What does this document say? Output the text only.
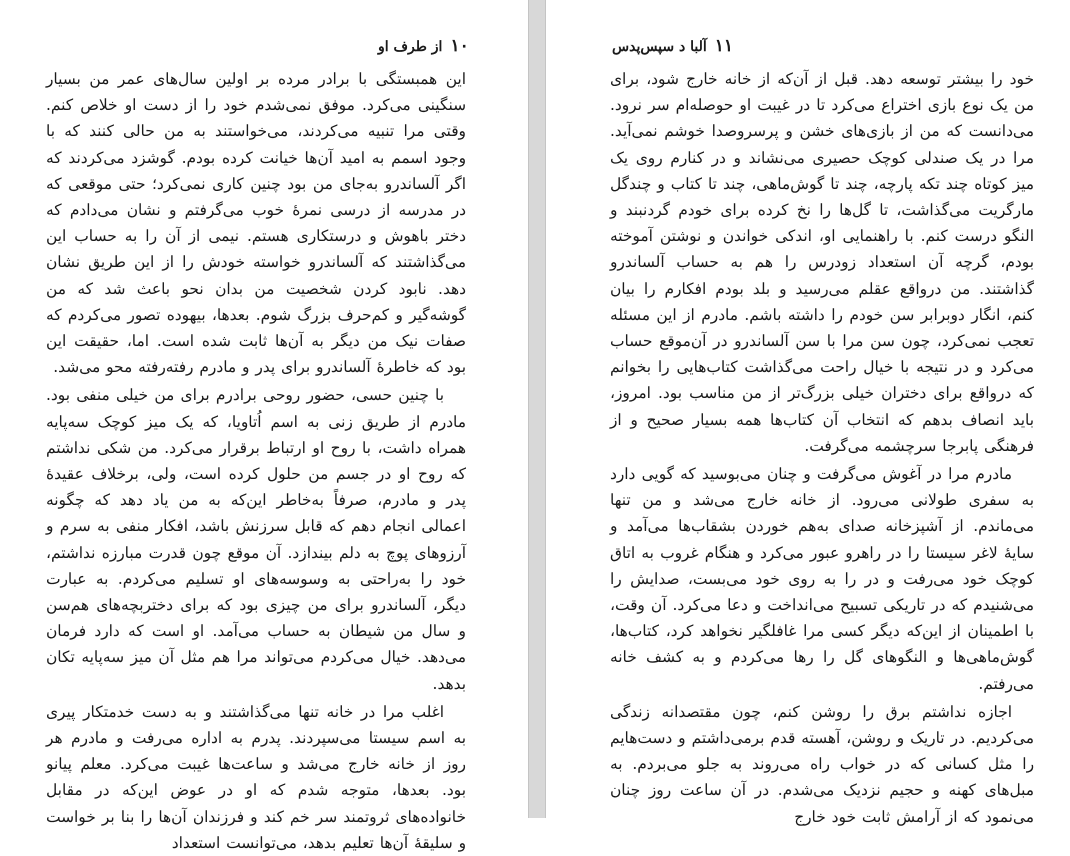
۱۰
از طرف او

این همبستگی با برادر مرده بر اولین سال‌های عمر من بسیار سنگینی می‌کرد. موفق نمی‌شدم خود را از دست او خلاص کنم. وقتی مرا تنبیه می‌کردند، می‌خواستند به من حالی کنند که با وجود اسمم به امید آن‌ها خیانت کرده بودم. گوشزد می‌کردند که اگر آلساندرو به‌جای من بود چنین کاری نمی‌کرد؛ حتی موقعی که در مدرسه از درسی نمرهٔ خوب می‌گرفتم و نشان می‌دادم که دختر باهوش و درستکاری هستم. نیمی از آن را به حساب این می‌گذاشتند که آلساندرو خواسته خودش را از این طریق نشان دهد. نابود کردن شخصیت من بدان نحو باعث شد که من گوشه‌گیر و کم‌حرف بزرگ شوم. بعدها، بیهوده تصور می‌کردم که صفات نیک من دیگر به آن‌ها ثابت شده است. اما، حقیقت این بود که خاطرهٔ آلساندرو برای پدر و مادرم رفته‌رفته محو می‌شد.

با چنین حسی، حضور روحی برادرم برای من خیلی منفی بود. مادرم از طریق زنی به اسم اُتاویا، که یک میز کوچک سه‌پایه همراه داشت، با روح او ارتباط برقرار می‌کرد. من شکی نداشتم که روح او در جسم من حلول کرده است، ولی، برخلاف عقیدهٔ پدر و مادرم، صرفاً به‌خاطر این‌که به من یاد دهد که چگونه اعمالی انجام دهم که قابل سرزنش باشد، افکار منفی به سرم و آرزوهای پوچ به دلم بیندازد. آن موقع چون قدرت مبارزه نداشتم، خود را به‌راحتی به وسوسه‌های او تسلیم می‌کردم. به عبارت دیگر، آلساندرو برای من چیزی بود که برای دختربچه‌های هم‌سن و سال من شیطان به حساب می‌آمد. او است که دارد فرمان می‌دهد. خیال می‌کردم می‌تواند مرا هم مثل آن میز سه‌پایه تکان بدهد.

اغلب مرا در خانه تنها می‌گذاشتند و به دست خدمتکار پیری به اسم سیستا می‌سپردند. پدرم به اداره می‌رفت و مادرم هر روز از خانه خارج می‌شد و ساعت‌ها غیبت می‌کرد. معلم پیانو بود. بعدها، متوجه شدم که او در عوض این‌که در مقابل خانواده‌های ثروتمند سر خم کند و فرزندان آن‌ها را بنا بر خواست و سلیقهٔ آن‌ها تعلیم بدهد، می‌توانست استعداد

۱۱
آلبا د سپس‌پدس

خود را بیشتر توسعه دهد. قبل از آن‌که از خانه خارج شود، برای من یک نوع بازی اختراع می‌کرد تا در غیبت او حوصله‌ام سر نرود. می‌دانست که من از بازی‌های خشن و پرسروصدا خوشم نمی‌آید. مرا در یک صندلی کوچک حصیری می‌نشاند و در کنارم روی یک میز کوتاه چند تکه پارچه، چند تا گوش‌ماهی، چند تا کتاب و چندگل مارگریت می‌گذاشت، تا گل‌ها را نخ کرده برای خودم گردنبند و النگو درست کنم. با راهنمایی او، اندکی خواندن و نوشتن آموخته بودم، گرچه آن استعداد زودرس را هم به حساب آلساندرو گذاشتند. من درواقع عقلم می‌رسید و بلد بودم افکارم را بیان کنم، انگار دوبرابر سن خودم را داشته باشم. مادرم از این مسئله تعجب نمی‌کرد، چون سن مرا با سن آلساندرو در آن‌موقع حساب می‌کرد و در نتیجه با خیال راحت می‌گذاشت کتاب‌هایی را بخوانم که درواقع برای دختران خیلی بزرگ‌تر از من مناسب بود. امروز، باید انصاف بدهم که انتخاب آن کتاب‌ها همه بسیار صحیح و از فرهنگی پابرجا سرچشمه می‌گرفت.

مادرم مرا در آغوش می‌گرفت و چنان می‌بوسید که گویی دارد به سفری طولانی می‌رود. از خانه خارج می‌شد و من تنها می‌ماندم. از آشپزخانه صدای به‌هم خوردن بشقاب‌ها می‌آمد و سایهٔ لاغر سیستا را در راهرو عبور می‌کرد و هنگام غروب به اتاق کوچک خود می‌رفت و در را به روی خود می‌بست، صدایش را می‌شنیدم که در تاریکی تسبیح می‌انداخت و دعا می‌کرد. آن وقت، با اطمینان از این‌که دیگر کسی مرا غافلگیر نخواهد کرد، کتاب‌ها، گوش‌ماهی‌ها و النگوهای گل را رها می‌کردم و به کشف خانه می‌رفتم.

اجازه نداشتم برق را روشن کنم، چون مقتصدانه زندگی می‌کردیم. در تاریک و روشن، آهسته قدم برمی‌داشتم و دست‌هایم را مثل کسانی که در خواب راه می‌روند به جلو می‌بردم. به مبل‌های کهنه و حجیم نزدیک می‌شدم. در آن ساعت روز چنان می‌نمود که از آرامش ثابت خود خارج
